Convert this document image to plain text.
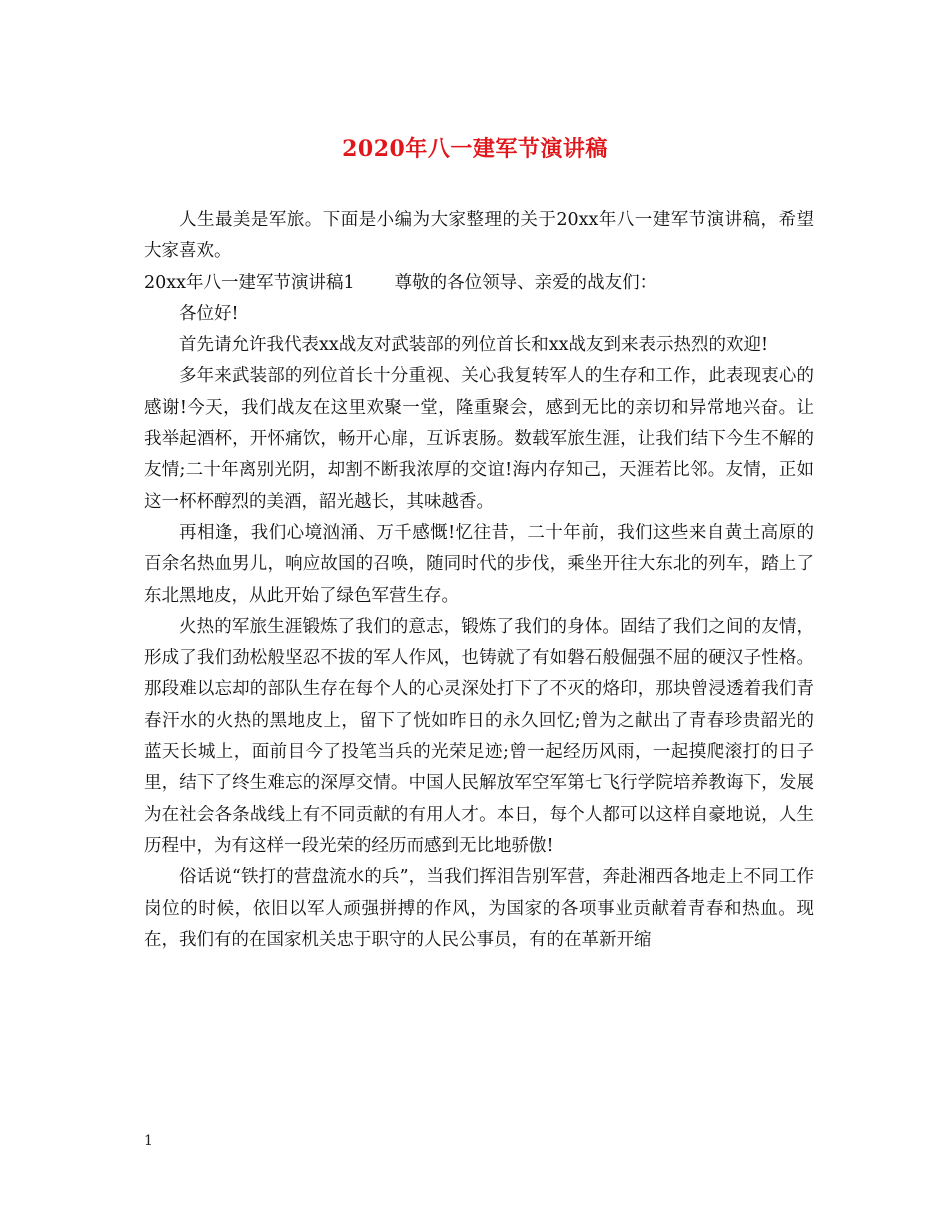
2020年八一建军节演讲稿

人生最美是军旅。下面是小编为大家整理的关于20xx年八一建军节演讲稿，希望大家喜欢。

20xx年八一建军节演讲稿1 尊敬的各位领导、亲爱的战友们：

各位好!

首先请允许我代表xx战友对武装部的列位首长和xx战友到来表示热烈的欢迎!

多年来武装部的列位首长十分重视、关心我复转军人的生存和工作，此表现衷心的感谢!今天，我们战友在这里欢聚一堂，隆重聚会，感到无比的亲切和异常地兴奋。让我举起酒杯，开怀痛饮，畅开心扉，互诉衷肠。数载军旅生涯，让我们结下今生不解的友情;二十年离别光阴，却割不断我浓厚的交谊!海内存知己，天涯若比邻。友情，正如这一杯杯醇烈的美酒，韶光越长，其味越香。

再相逢，我们心境汹涌、万千感慨!忆往昔，二十年前，我们这些来自黄土高原的百余名热血男儿，响应故国的召唤，随同时代的步伐，乘坐开往大东北的列车，踏上了东北黑地皮，从此开始了绿色军营生存。

火热的军旅生涯锻炼了我们的意志，锻炼了我们的身体。固结了我们之间的友情，形成了我们劲松般坚忍不拔的军人作风，也铸就了有如磐石般倔强不屈的硬汉子性格。那段难以忘却的部队生存在每个人的心灵深处打下了不灭的烙印，那块曾浸透着我们青春汗水的火热的黑地皮上，留下了恍如昨日的永久回忆;曾为之献出了青春珍贵韶光的蓝天长城上，面前目今了投笔当兵的光荣足迹;曾一起经历风雨，一起摸爬滚打的日子里，结下了终生难忘的深厚交情。中国人民解放军空军第七飞行学院培养教诲下，发展为在社会各条战线上有不同贡献的有用人才。本日，每个人都可以这样自豪地说，人生历程中，为有这样一段光荣的经历而感到无比地骄傲!

俗话说“铁打的营盘流水的兵”，当我们挥泪告别军营，奔赴湘西各地走上不同工作岗位的时候，依旧以军人顽强拼搏的作风，为国家的各项事业贡献着青春和热血。现在，我们有的在国家机关忠于职守的人民公事员，有的在革新开缩

1
